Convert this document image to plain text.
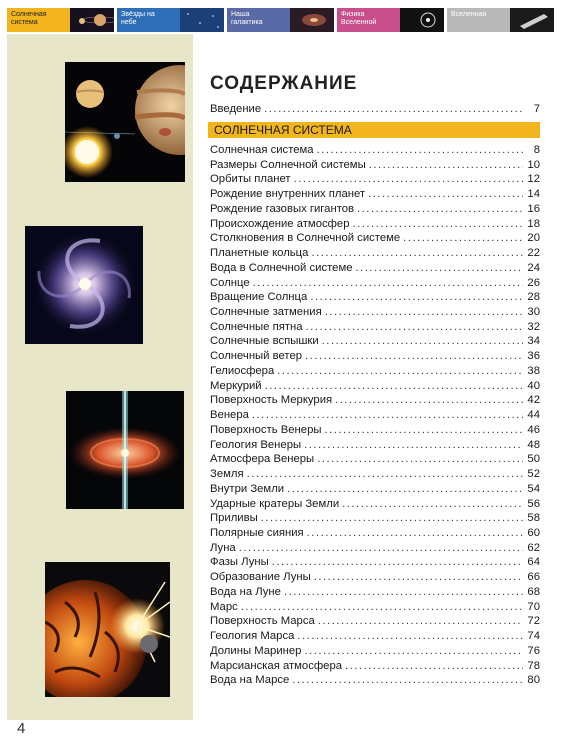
Солнечная система
Звёзды на небе
Наша галактика
Физика Вселенной
Вселенная
4
СОДЕРЖАНИЕ
Введение .....	7
СОЛНЕЧНАЯ СИСТЕМА
Солнечная система .....	8
Размеры Солнечной системы .....	10
Орбиты планет .....	12
Рождение внутренних планет .....	14
Рождение газовых гигантов .....	16
Происхождение атмосфер .....	18
Столкновения в Солнечной системе .....	20
Планетные кольца .....	22
Вода в Солнечной системе .....	24
Солнце .....	26
Вращение Солнца .....	28
Солнечные затмения .....	30
Солнечные пятна .....	32
Солнечные вспышки .....	34
Солнечный ветер .....	36
Гелиосфера .....	38
Меркурий .....	40
Поверхность Меркурия .....	42
Венера .....	44
Поверхность Венеры .....	46
Геология Венеры .....	48
Атмосфера Венеры .....	50
Земля .....	52
Внутри Земли .....	54
Ударные кратеры Земли .....	56
Приливы .....	58
Полярные сияния .....	60
Луна .....	62
Фазы Луны .....	64
Образование Луны .....	66
Вода на Луне .....	68
Марс .....	70
Поверхность Марса .....	72
Геология Марса .....	74
Долины Маринер .....	76
Марсианская атмосфера .....	78
Вода на Марсе .....	80
